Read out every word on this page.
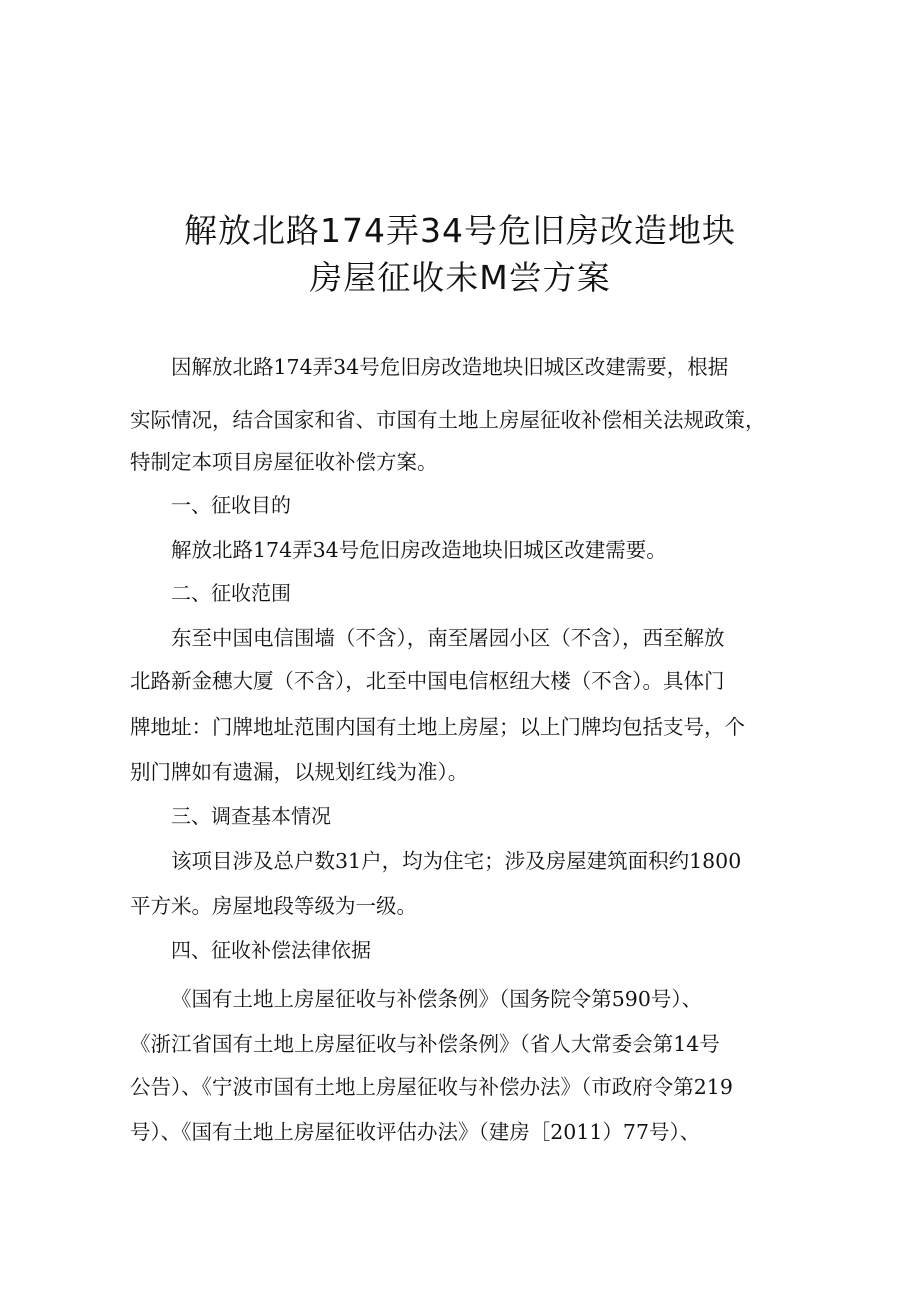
解放北路174弄34号危旧房改造地块
房屋征收未M尝方案
因解放北路174弄34号危旧房改造地块旧城区改建需要，根据
实际情况，结合国家和省、市国有土地上房屋征收补偿相关法规政策，
特制定本项目房屋征收补偿方案。
一、征收目的
解放北路174弄34号危旧房改造地块旧城区改建需要。
二、征收范围
东至中国电信围墙（不含），南至屠园小区（不含），西至解放
北路新金穗大厦（不含），北至中国电信枢纽大楼（不含）。具体门
牌地址：门牌地址范围内国有土地上房屋；以上门牌均包括支号，个
别门牌如有遗漏，以规划红线为准）。
三、调查基本情况
该项目涉及总户数31户，均为住宅；涉及房屋建筑面积约1800
平方米。房屋地段等级为一级。
四、征收补偿法律依据
《国有土地上房屋征收与补偿条例》（国务院令第590号）、
《浙江省国有土地上房屋征收与补偿条例》（省人大常委会第14号
公告）、《宁波市国有土地上房屋征收与补偿办法》（市政府令第219
号）、《国有土地上房屋征收评估办法》（建房［2011）77号）、
